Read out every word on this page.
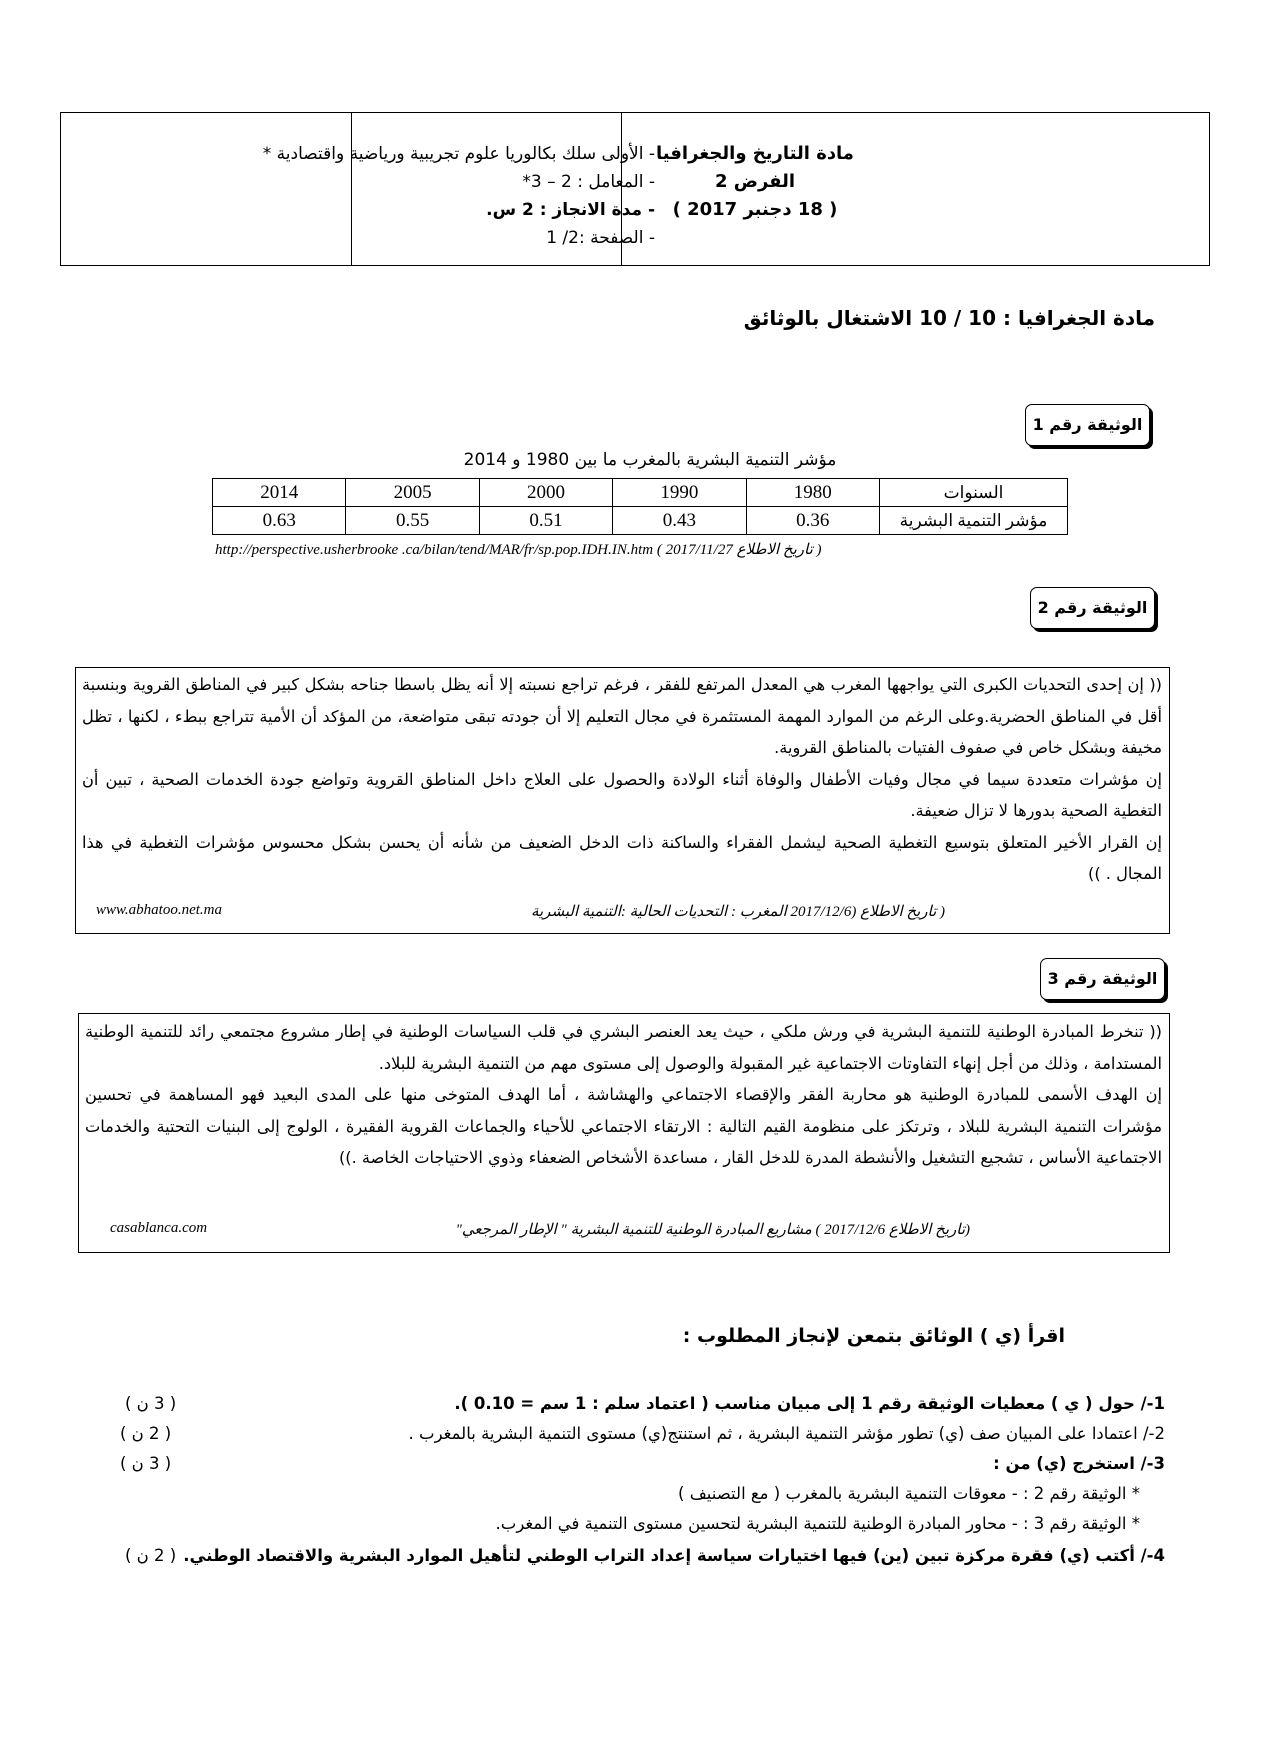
مادة التاريخ والجغرافيا
الفرض 2
( 18 دجنبر 2017 )
- الأولى سلك بكالوريا علوم تجريبية ورياضية واقتصادية *
- المعامل : 2 – 3*
- مدة الانجاز : 2 س.
- الصفحة :2/ 1
مادة الجغرافيا : 10 / 10 الاشتغال بالوثائق
الوثيقة رقم 1
مؤشر التنمية البشرية بالمغرب ما بين 1980 و 2014
السنوات	1980	1990	2000	2005	2014
مؤشر التنمية البشرية	0.36	0.43	0.51	0.55	0.63
http://perspective.usherbrooke .ca/bilan/tend/MAR/fr/sp.pop.IDH.IN.htm ( 2017/11/27 تاريخ الاطلاع )
الوثيقة رقم 2

(( إن إحدى التحديات الكبرى التي يواجهها المغرب هي المعدل المرتفع للفقر ، فرغم تراجع نسبته إلا أنه يظل باسطا جناحه بشكل كبير في المناطق القروية وبنسبة أقل في المناطق الحضرية.وعلى الرغم من الموارد المهمة المستثمرة في مجال التعليم إلا أن جودته تبقى متواضعة، من المؤكد أن الأمية تتراجع ببطء ، لكنها ، تظل مخيفة وبشكل خاص في صفوف الفتيات بالمناطق القروية.

إن مؤشرات متعددة سيما في مجال وفيات الأطفال والوفاة أثناء الولادة والحصول على العلاج داخل المناطق القروية وتواضع جودة الخدمات الصحية ، تبين أن التغطية الصحية بدورها لا تزال ضعيفة.

إن القرار الأخير المتعلق بتوسيع التغطية الصحية ليشمل الفقراء والساكنة ذات الدخل الضعيف من شأنه أن يحسن بشكل محسوس مؤشرات التغطية في هذا المجال . ))

( تاريخ الاطلاع (2017/12/6 المغرب : التحديات الحالية :التنمية البشرية
www.abhatoo.net.ma
الوثيقة رقم 3

(( تنخرط المبادرة الوطنية للتنمية البشرية في ورش ملكي ، حيث يعد العنصر البشري في قلب السياسات الوطنية في إطار مشروع مجتمعي رائد للتنمية الوطنية المستدامة ، وذلك من أجل إنهاء التفاوتات الاجتماعية غير المقبولة والوصول إلى مستوى مهم من التنمية البشرية للبلاد.

إن الهدف الأسمى للمبادرة الوطنية هو محاربة الفقر والإقصاء الاجتماعي والهشاشة ، أما الهدف المتوخى منها على المدى البعيد فهو المساهمة في تحسين مؤشرات التنمية البشرية للبلاد ، وترتكز على منظومة القيم التالية : الارتقاء الاجتماعي للأحياء والجماعات القروية الفقيرة ، الولوج إلى البنيات التحتية والخدمات الاجتماعية الأساس ، تشجيع التشغيل والأنشطة المدرة للدخل القار ، مساعدة الأشخاص الضعفاء وذوي الاحتياجات الخاصة .))

(تاريخ الاطلاع 2017/12/6 ) مشاريع المبادرة الوطنية للتنمية البشرية " الإطار المرجعي"
casablanca.com
اقرأ (ي ) الوثائق بتمعن لإنجاز المطلوب :
1-/ حول ( ي ) معطيات الوثيقة رقم 1 إلى مبيان مناسب ( اعتماد سلم : 1 سم = 0.10 ).
( 3 ن )
2-/ اعتمادا على المبيان صف (ي) تطور مؤشر التنمية البشرية ، ثم استنتج(ي) مستوى التنمية البشرية بالمغرب .
( 2 ن )
3-/ استخرج (ي) من :
( 3 ن )
* الوثيقة رقم 2 : - معوقات التنمية البشرية بالمغرب ( مع التصنيف )
* الوثيقة رقم 3 : - محاور المبادرة الوطنية للتنمية البشرية لتحسين مستوى التنمية في المغرب.
4-/ أكتب (ي) فقرة مركزة تبين (ين) فيها اختيارات سياسة إعداد التراب الوطني لتأهيل الموارد البشرية والاقتصاد الوطني.
( 2 ن )
